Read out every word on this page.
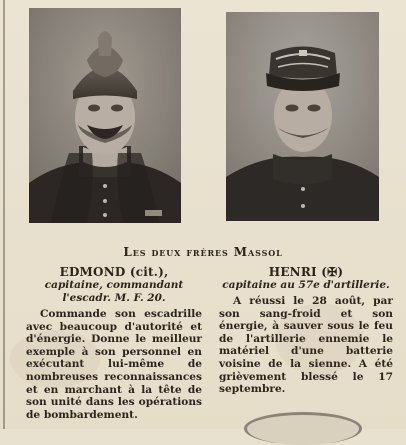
Les deux frères Massol
EDMOND (cit.),
capitaine, commandant
l'escadr. M. F. 20.
Commande son escadrille avec beaucoup d'autorité et d'énergie. Donne le meilleur exemple à son personnel en exécutant lui-même de nombreuses reconnaissances et en marchant à la tête de son unité dans les opérations de bombardement.
HENRI (✠)
capitaine au 57e d'artillerie.
A réussi le 28 août, par son sang-froid et son énergie, à sauver sous le feu de l'artillerie ennemie le matériel d'une batterie voisine de la sienne. A été grièvement blessé le 17 septembre.
